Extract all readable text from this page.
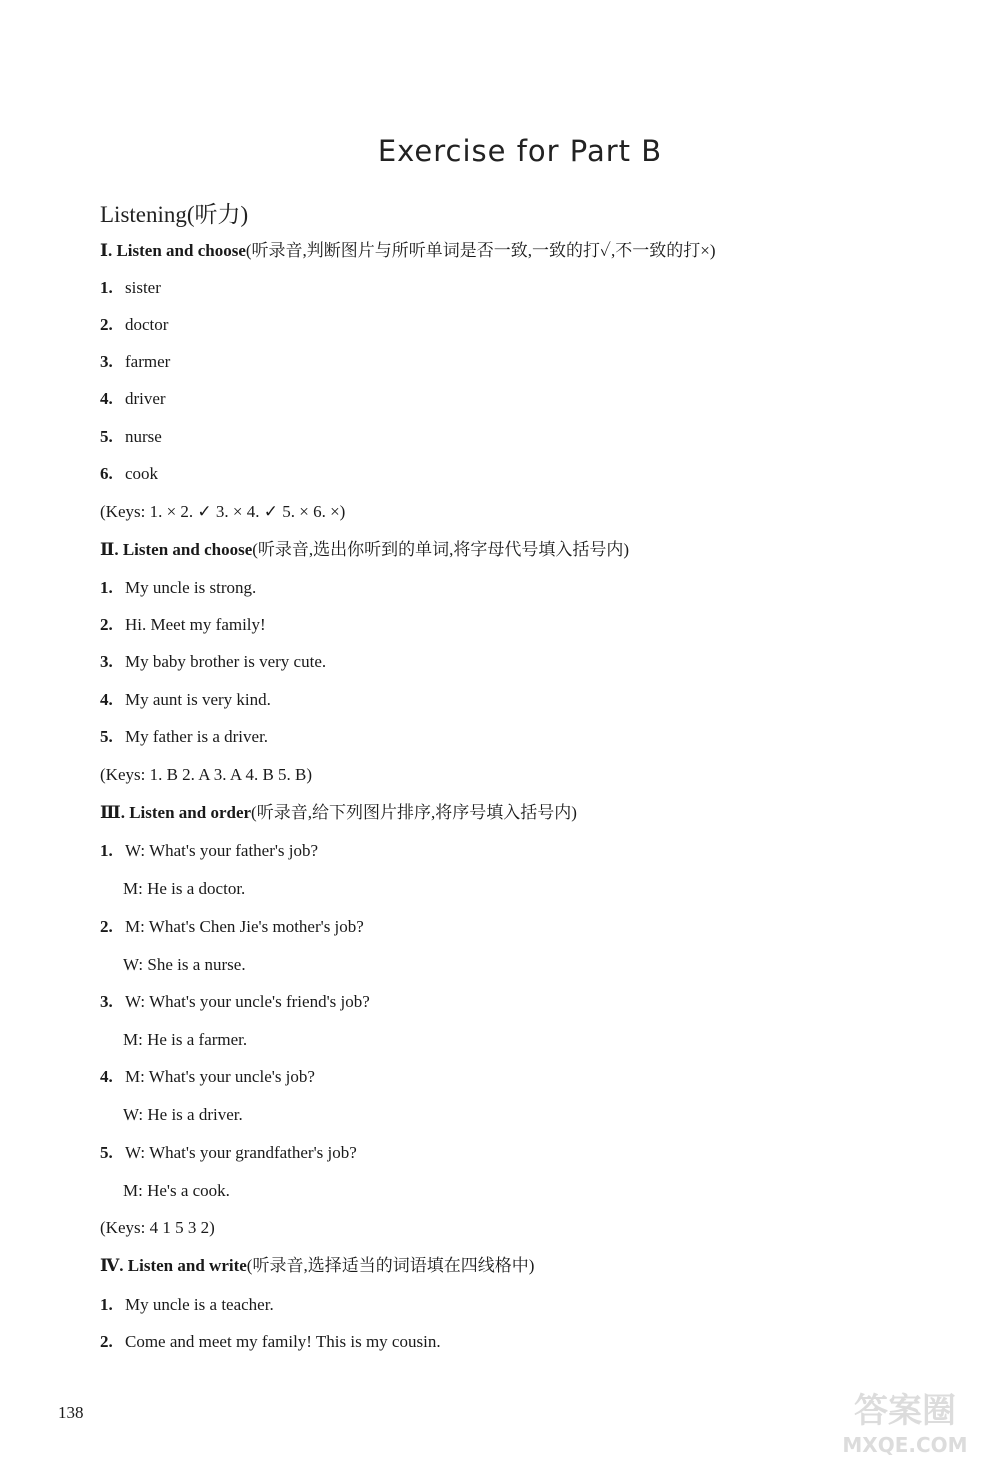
Exercise for Part B
Listening(听力)
Ⅰ. Listen and choose(听录音,判断图片与所听单词是否一致,一致的打✓,不一致的打×)
1. sister
2. doctor
3. farmer
4. driver
5. nurse
6. cook
(Keys: 1. × 2. ✓ 3. × 4. ✓ 5. × 6. ×)
Ⅱ. Listen and choose(听录音,选出你听到的单词,将字母代号填入括号内)
1. My uncle is strong.
2. Hi. Meet my family!
3. My baby brother is very cute.
4. My aunt is very kind.
5. My father is a driver.
(Keys: 1. B 2. A 3. A 4. B 5. B)
Ⅲ. Listen and order(听录音,给下列图片排序,将序号填入括号内)
1. W: What's your father's job?
M: He is a doctor.
2. M: What's Chen Jie's mother's job?
W: She is a nurse.
3. W: What's your uncle's friend's job?
M: He is a farmer.
4. M: What's your uncle's job?
W: He is a driver.
5. W: What's your grandfather's job?
M: He's a cook.
(Keys: 4 1 5 3 2)
Ⅳ. Listen and write(听录音,选择适当的词语填在四线格中)
1. My uncle is a teacher.
2. Come and meet my family! This is my cousin.
138	答案圈
MXQE.COM
